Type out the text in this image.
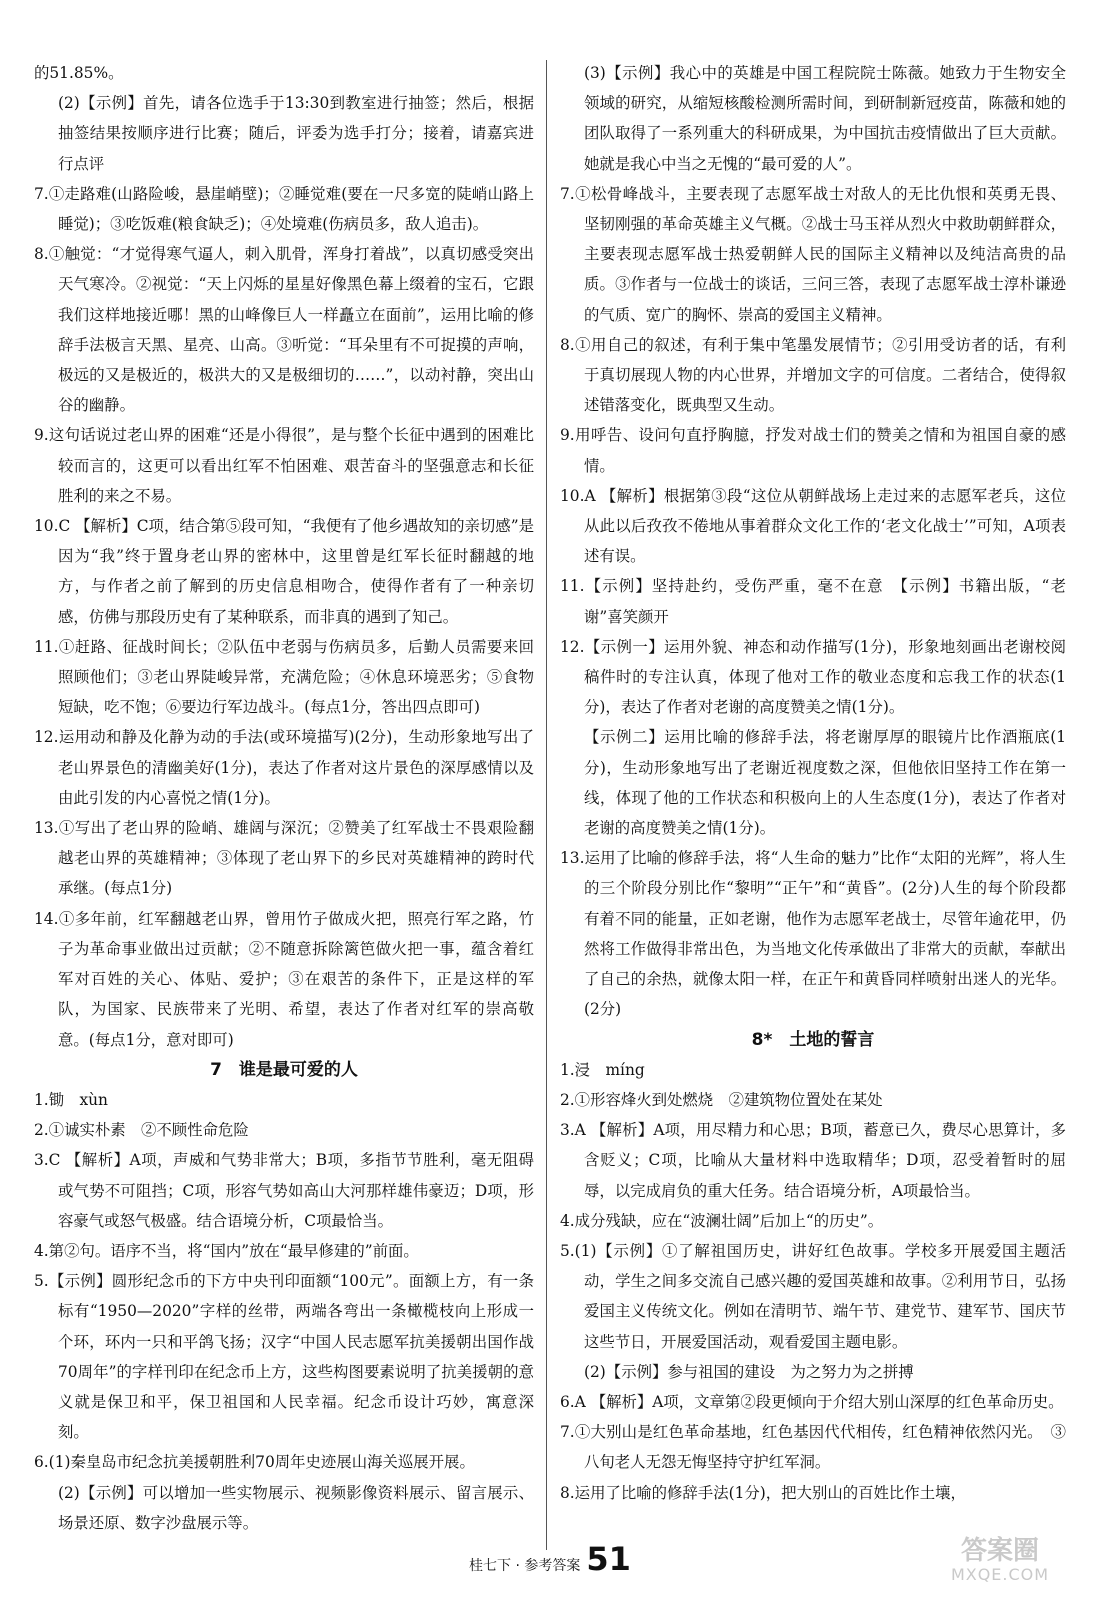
的51.85%。

(2)【示例】首先，请各位选手于13:30到教室进行抽签；然后，根据抽签结果按顺序进行比赛；随后，评委为选手打分；接着，请嘉宾进行点评

7.①走路难(山路险峻，悬崖峭壁)；②睡觉难(要在一尺多宽的陡峭山路上睡觉)；③吃饭难(粮食缺乏)；④处境难(伤病员多，敌人追击)。

8.①触觉：“才觉得寒气逼人，刺入肌骨，浑身打着战”，以真切感受突出天气寒冷。②视觉：“天上闪烁的星星好像黑色幕上缀着的宝石，它跟我们这样地接近哪！黑的山峰像巨人一样矗立在面前”，运用比喻的修辞手法极言天黑、星亮、山高。③听觉：“耳朵里有不可捉摸的声响，极远的又是极近的，极洪大的又是极细切的……”，以动衬静，突出山谷的幽静。

9.这句话说过老山界的困难“还是小得很”，是与整个长征中遇到的困难比较而言的，这更可以看出红军不怕困难、艰苦奋斗的坚强意志和长征胜利的来之不易。

10.C 【解析】C项，结合第⑤段可知，“我便有了他乡遇故知的亲切感”是因为“我”终于置身老山界的密林中，这里曾是红军长征时翻越的地方，与作者之前了解到的历史信息相吻合，使得作者有了一种亲切感，仿佛与那段历史有了某种联系，而非真的遇到了知己。

11.①赶路、征战时间长；②队伍中老弱与伤病员多，后勤人员需要来回照顾他们；③老山界陡峻异常，充满危险；④休息环境恶劣；⑤食物短缺，吃不饱；⑥要边行军边战斗。(每点1分，答出四点即可)

12.运用动和静及化静为动的手法(或环境描写)(2分)，生动形象地写出了老山界景色的清幽美好(1分)，表达了作者对这片景色的深厚感情以及由此引发的内心喜悦之情(1分)。

13.①写出了老山界的险峭、雄阔与深沉；②赞美了红军战士不畏艰险翻越老山界的英雄精神；③体现了老山界下的乡民对英雄精神的跨时代承继。(每点1分)

14.①多年前，红军翻越老山界，曾用竹子做成火把，照亮行军之路，竹子为革命事业做出过贡献；②不随意拆除篱笆做火把一事，蕴含着红军对百姓的关心、体贴、爱护；③在艰苦的条件下，正是这样的军队，为国家、民族带来了光明、希望，表达了作者对红军的崇高敬意。(每点1分，意对即可)

7　谁是最可爱的人

1.锄　xùn

2.①诚实朴素　②不顾性命危险

3.C 【解析】A项，声威和气势非常大；B项，多指节节胜利，毫无阻碍或气势不可阻挡；C项，形容气势如高山大河那样雄伟豪迈；D项，形容豪气或怒气极盛。结合语境分析，C项最恰当。

4.第②句。语序不当，将“国内”放在“最早修建的”前面。

5.【示例】圆形纪念币的下方中央刊印面额“100元”。面额上方，有一条标有“1950—2020”字样的丝带，两端各弯出一条橄榄枝向上形成一个环，环内一只和平鸽飞扬；汉字“中国人民志愿军抗美援朝出国作战70周年”的字样刊印在纪念币上方，这些构图要素说明了抗美援朝的意义就是保卫和平，保卫祖国和人民幸福。纪念币设计巧妙，寓意深刻。

6.(1)秦皇岛市纪念抗美援朝胜利70周年史迹展山海关巡展开展。

(2)【示例】可以增加一些实物展示、视频影像资料展示、留言展示、场景还原、数字沙盘展示等。

(3)【示例】我心中的英雄是中国工程院院士陈薇。她致力于生物安全领域的研究，从缩短核酸检测所需时间，到研制新冠疫苗，陈薇和她的团队取得了一系列重大的科研成果，为中国抗击疫情做出了巨大贡献。她就是我心中当之无愧的“最可爱的人”。

7.①松骨峰战斗，主要表现了志愿军战士对敌人的无比仇恨和英勇无畏、坚韧刚强的革命英雄主义气概。②战士马玉祥从烈火中救助朝鲜群众，主要表现志愿军战士热爱朝鲜人民的国际主义精神以及纯洁高贵的品质。③作者与一位战士的谈话，三问三答，表现了志愿军战士淳朴谦逊的气质、宽广的胸怀、崇高的爱国主义精神。

8.①用自己的叙述，有利于集中笔墨发展情节；②引用受访者的话，有利于真切展现人物的内心世界，并增加文字的可信度。二者结合，使得叙述错落变化，既典型又生动。

9.用呼告、设问句直抒胸臆，抒发对战士们的赞美之情和为祖国自豪的感情。

10.A 【解析】根据第③段“这位从朝鲜战场上走过来的志愿军老兵，这位从此以后孜孜不倦地从事着群众文化工作的‘老文化战士’”可知，A项表述有误。

11.【示例】坚持赴约，受伤严重，毫不在意　【示例】书籍出版，“老谢”喜笑颜开

12.【示例一】运用外貌、神态和动作描写(1分)，形象地刻画出老谢校阅稿件时的专注认真，体现了他对工作的敬业态度和忘我工作的状态(1分)，表达了作者对老谢的高度赞美之情(1分)。

【示例二】运用比喻的修辞手法，将老谢厚厚的眼镜片比作酒瓶底(1分)，生动形象地写出了老谢近视度数之深，但他依旧坚持工作在第一线，体现了他的工作状态和积极向上的人生态度(1分)，表达了作者对老谢的高度赞美之情(1分)。

13.运用了比喻的修辞手法，将“人生命的魅力”比作“太阳的光辉”，将人生的三个阶段分别比作“黎明”“正午”和“黄昏”。(2分)人生的每个阶段都有着不同的能量，正如老谢，他作为志愿军老战士，尽管年逾花甲，仍然将工作做得非常出色，为当地文化传承做出了非常大的贡献，奉献出了自己的余热，就像太阳一样，在正午和黄昏同样喷射出迷人的光华。(2分)

8*　土地的誓言

1.浸　míng

2.①形容烽火到处燃烧　②建筑物位置处在某处

3.A 【解析】A项，用尽精力和心思；B项，蓄意已久，费尽心思算计，多含贬义；C项，比喻从大量材料中选取精华；D项，忍受着暂时的屈辱，以完成肩负的重大任务。结合语境分析，A项最恰当。

4.成分残缺，应在“波澜壮阔”后加上“的历史”。

5.(1)【示例】①了解祖国历史，讲好红色故事。学校多开展爱国主题活动，学生之间多交流自己感兴趣的爱国英雄和故事。②利用节日，弘扬爱国主义传统文化。例如在清明节、端午节、建党节、建军节、国庆节这些节日，开展爱国活动，观看爱国主题电影。

(2)【示例】参与祖国的建设　为之努力为之拼搏

6.A 【解析】A项，文章第②段更倾向于介绍大别山深厚的红色革命历史。

7.①大别山是红色革命基地，红色基因代代相传，红色精神依然闪光。　③八旬老人无怨无悔坚持守护红军洞。

8.运用了比喻的修辞手法(1分)，把大别山的百姓比作土壤，

桂七下 · 参考答案 51	答案圈
MXQE.COM
